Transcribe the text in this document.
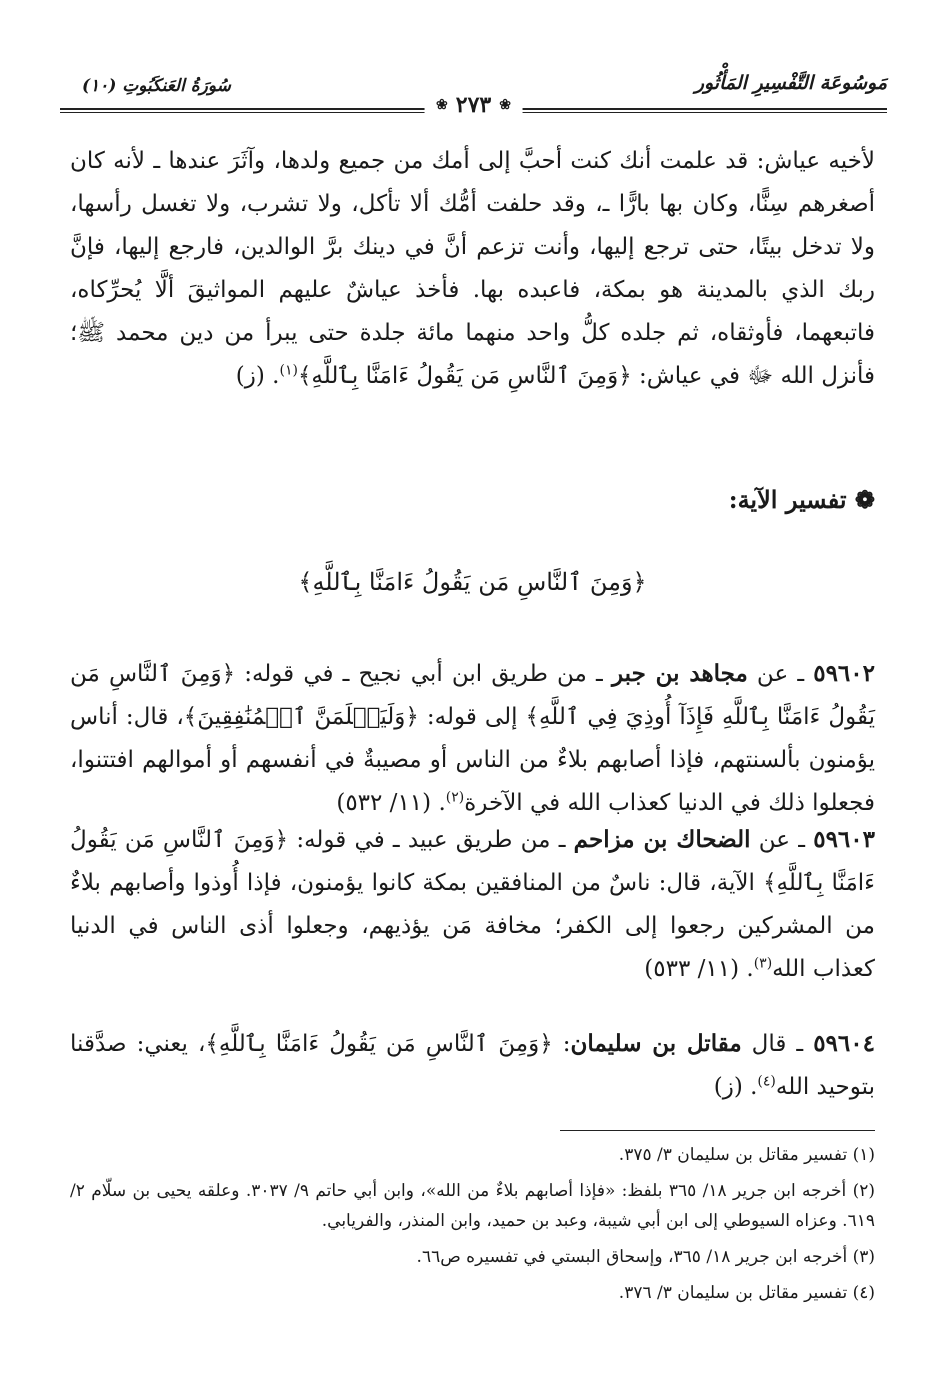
مَوسُوعَة التَّفْسِيرِ المَأْثُور
سُورَةُ العَنكَبُوتِ (١٠)
❀ ٢٧٣ ❀
لأخيه عياش: قد علمت أنك كنت أحبَّ إلى أمك من جميع ولدها، وآثَرَ عندها ـ لأنه كان أصغرهم سِنًّا، وكان بها بارًّا ـ، وقد حلفت أمُّك ألا تأكل، ولا تشرب، ولا تغسل رأسها، ولا تدخل بيتًا، حتى ترجع إليها، وأنت تزعم أنَّ في دينك برَّ الوالدين، فارجع إليها، فإنَّ ربك الذي بالمدينة هو بمكة، فاعبده بها. فأخذ عياشٌ عليهم المواثيقَ ألَّا يُحرِّكاه، فاتبعهما، فأوثقاه، ثم جلده كلُّ واحد منهما مائة جلدة حتى يبرأ من دين محمد ﷺ؛ فأنزل الله ﷻ في عياش: ﴿وَمِنَ ٱلنَّاسِ مَن يَقُولُ ءَامَنَّا بِٱللَّهِ﴾$^{(١)}$. (ز)
❁ تفسير الآية:
﴿وَمِنَ ٱلنَّاسِ مَن يَقُولُ ءَامَنَّا بِٱللَّهِ﴾
٥٩٦٠٢ ـ عن مجاهد بن جبر ـ من طريق ابن أبي نجيح ـ في قوله: ﴿وَمِنَ ٱلنَّاسِ مَن يَقُولُ ءَامَنَّا بِٱللَّهِ فَإِذَآ أُوذِيَ فِي ٱللَّهِ﴾ إلى قوله: ﴿وَلَيَعۡلَمَنَّ ٱلۡمُنَٰفِقِينَ﴾، قال: أناس يؤمنون بألسنتهم، فإذا أصابهم بلاءٌ من الناس أو مصيبةٌ في أنفسهم أو أموالهم افتتنوا، فجعلوا ذلك في الدنيا كعذاب الله في الآخرة$^{(٢)}$. (١١/ ٥٣٢)
٥٩٦٠٣ ـ عن الضحاك بن مزاحم ـ من طريق عبيد ـ في قوله: ﴿وَمِنَ ٱلنَّاسِ مَن يَقُولُ ءَامَنَّا بِٱللَّهِ﴾ الآية، قال: ناسٌ من المنافقين بمكة كانوا يؤمنون، فإذا أُوذوا وأصابهم بلاءٌ من المشركين رجعوا إلى الكفر؛ مخافة مَن يؤذيهم، وجعلوا أذى الناس في الدنيا كعذاب الله$^{(٣)}$. (١١/ ٥٣٣)
٥٩٦٠٤ ـ قال مقاتل بن سليمان: ﴿وَمِنَ ٱلنَّاسِ مَن يَقُولُ ءَامَنَّا بِٱللَّهِ﴾، يعني: صدَّقنا بتوحيد الله$^{(٤)}$. (ز)

(١) تفسير مقاتل بن سليمان ٣/ ٣٧٥.

(٢) أخرجه ابن جرير ١٨/ ٣٦٥ بلفظ: «فإذا أصابهم بلاءٌ من الله»، وابن أبي حاتم ٩/ ٣٠٣٧. وعلقه يحيى بن سلّام ٢/ ٦١٩. وعزاه السيوطي إلى ابن أبي شيبة، وعبد بن حميد، وابن المنذر، والفريابي.

(٣) أخرجه ابن جرير ١٨/ ٣٦٥، وإسحاق البستي في تفسيره ص٦٦.

(٤) تفسير مقاتل بن سليمان ٣/ ٣٧٦.
